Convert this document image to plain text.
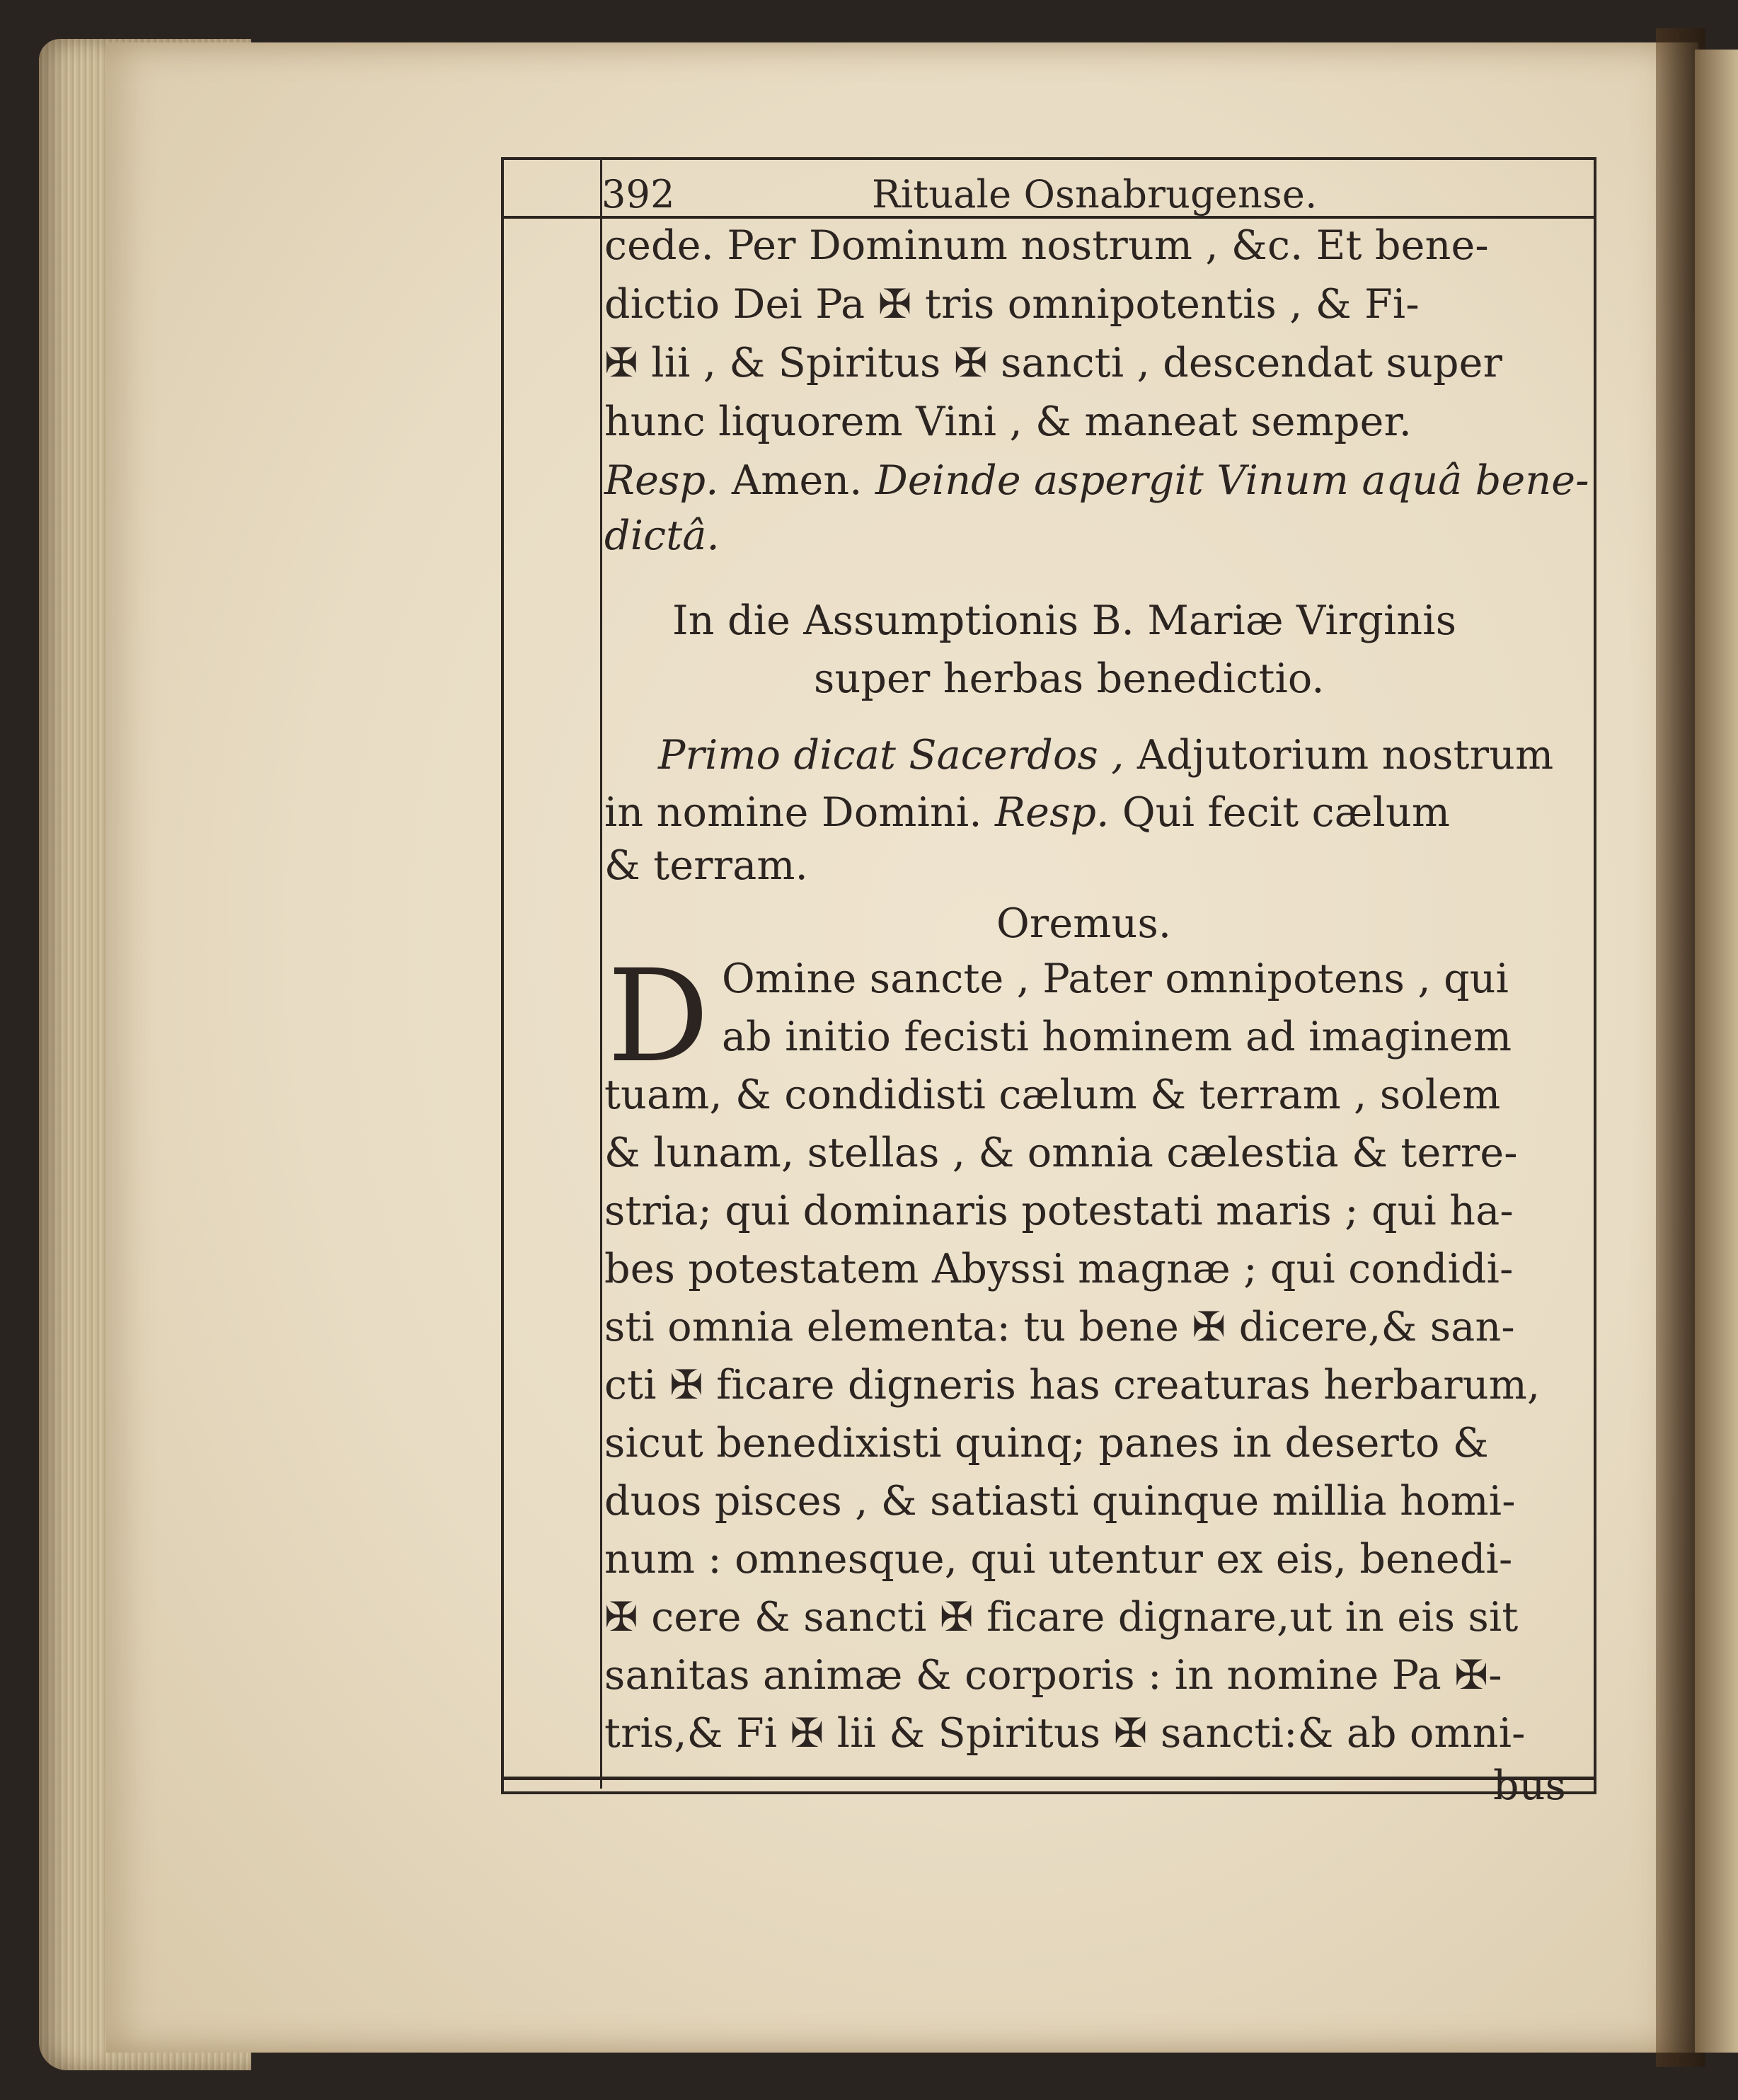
392	Rituale Osnabrugense.
cede. Per Dominum nostrum , &c. Et bene-
dictio Dei Pa ✠ tris omnipotentis , & Fi-
✠ lii , & Spiritus ✠ sancti , descendat super
hunc liquorem Vini , & maneat semper.
Resp. Amen. Deinde aspergit Vinum aquâ bene-
dictâ.
In die Assumptionis B. Mariæ Virginis
super herbas benedictio.
Primo dicat Sacerdos , Adjutorium nostrum
in nomine Domini. Resp. Qui fecit cælum
& terram.
Oremus.
D Omine sancte , Pater omnipotens , qui
ab initio fecisti hominem ad imaginem
tuam, & condidisti cælum & terram , solem
& lunam, stellas , & omnia cælestia & terre-
stria; qui dominaris potestati maris ; qui ha-
bes potestatem Abyssi magnæ ; qui condidi-
sti omnia elementa: tu bene ✠ dicere,& san-
cti ✠ ficare digneris has creaturas herbarum,
sicut benedixisti quinq; panes in deserto &
duos pisces , & satiasti quinque millia homi-
num : omnesque, qui utentur ex eis, benedi-
✠ cere & sancti ✠ ficare dignare,ut in eis sit
sanitas animæ & corporis : in nomine Pa ✠-
tris,& Fi ✠ lii & Spiritus ✠ sancti:& ab omni-
bus
